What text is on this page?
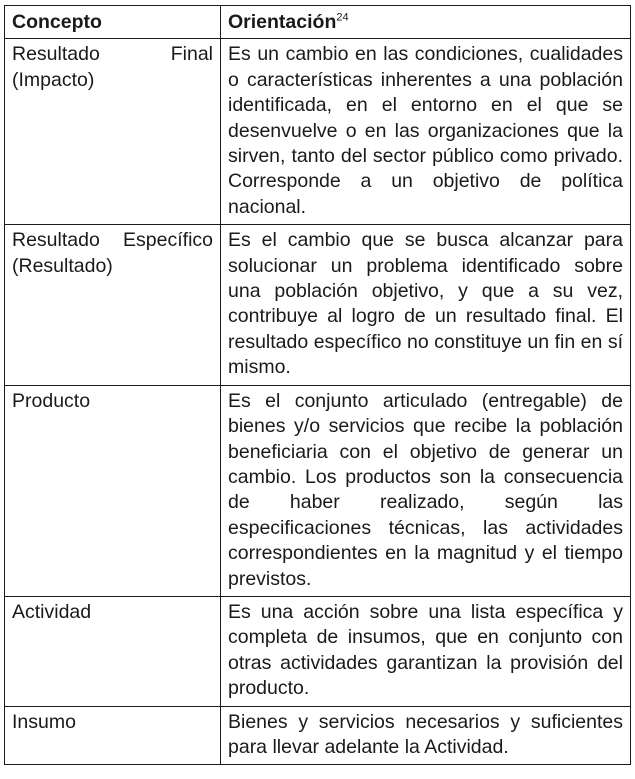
Concepto	Orientación$^{24}$
Resultado Final (Impacto)	Es un cambio en las condiciones, cualidades o características inherentes a una población identificada, en el entorno en el que se desenvuelve o en las organizaciones que la sirven, tanto del sector público como privado. Corresponde a un objetivo de política nacional.
Resultado Específico (Resultado)	Es el cambio que se busca alcanzar para solucionar un problema identificado sobre una población objetivo, y que a su vez, contribuye al logro de un resultado final. El resultado específico no constituye un fin en sí mismo.
Producto	Es el conjunto articulado (entregable) de bienes y/o servicios que recibe la población beneficiaria con el objetivo de generar un cambio. Los productos son la consecuencia de haber realizado, según las especificaciones técnicas, las actividades correspondientes en la magnitud y el tiempo previstos.
Actividad	Es una acción sobre una lista específica y completa de insumos, que en conjunto con otras actividades garantizan la provisión del producto.
Insumo	Bienes y servicios necesarios y suficientes para llevar adelante la Actividad.
